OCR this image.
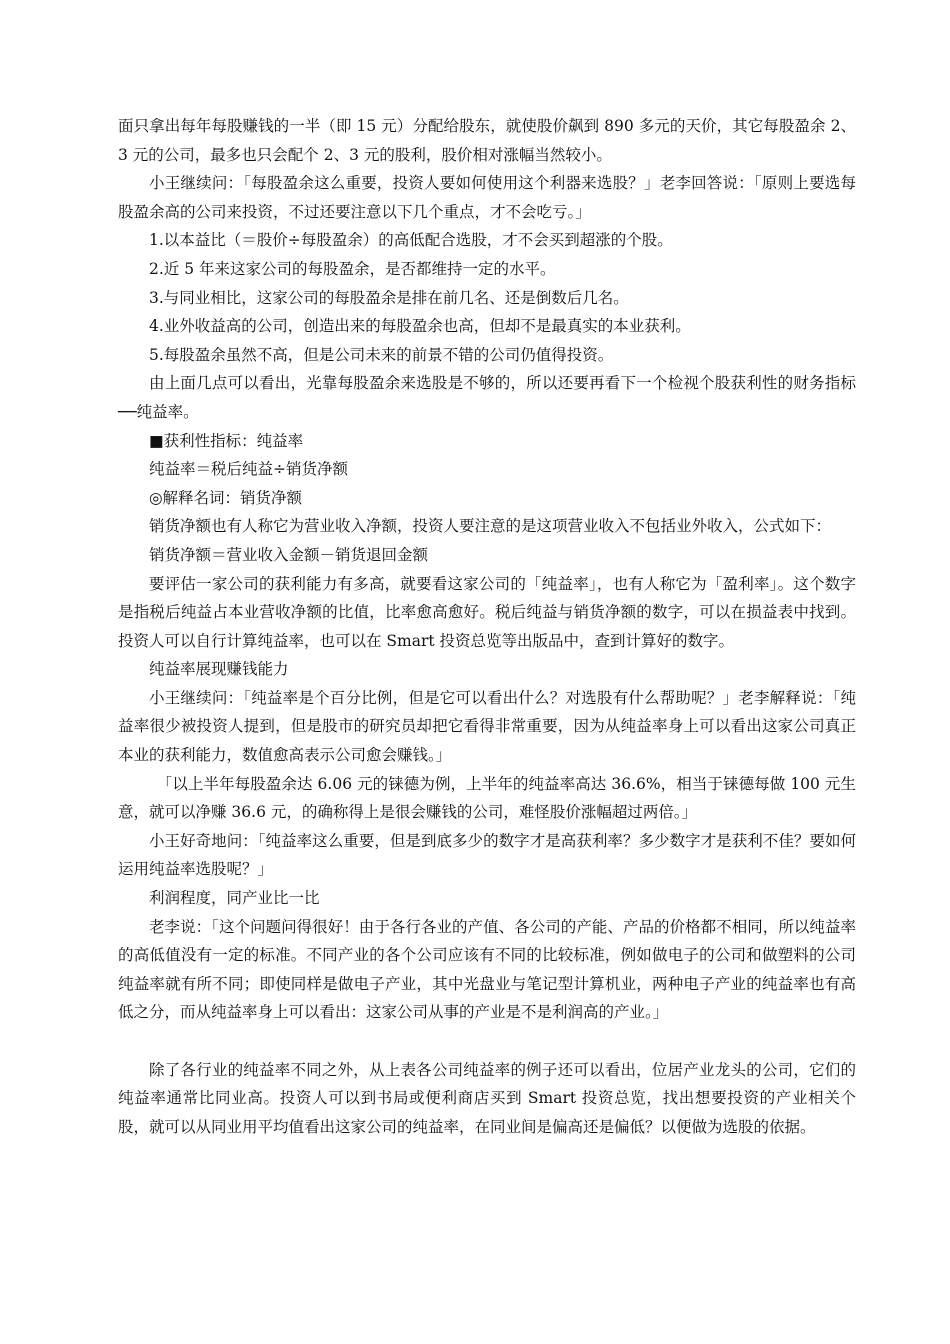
面只拿出每年每股赚钱的一半（即 15 元）分配给股东，就使股价飙到 890 多元的天价，其它每股盈余 2、3 元的公司，最多也只会配个 2、3 元的股利，股价相对涨幅当然较小。

小王继续问：「每股盈余这么重要，投资人要如何使用这个利器来选股？」老李回答说：「原则上要选每股盈余高的公司来投资，不过还要注意以下几个重点，才不会吃亏。」

1.以本益比（＝股价÷每股盈余）的高低配合选股，才不会买到超涨的个股。

2.近 5 年来这家公司的每股盈余，是否都维持一定的水平。

3.与同业相比，这家公司的每股盈余是排在前几名、还是倒数后几名。

4.业外收益高的公司，创造出来的每股盈余也高，但却不是最真实的本业获利。

5.每股盈余虽然不高，但是公司未来的前景不错的公司仍值得投资。

由上面几点可以看出，光靠每股盈余来选股是不够的，所以还要再看下一个检视个股获利性的财务指标──纯益率。

■获利性指标：纯益率

纯益率＝税后纯益÷销货净额

◎解释名词：销货净额

销货净额也有人称它为营业收入净额，投资人要注意的是这项营业收入不包括业外收入，公式如下：

销货净额＝营业收入金额－销货退回金额

要评估一家公司的获利能力有多高，就要看这家公司的「纯益率」，也有人称它为「盈利率」。这个数字是指税后纯益占本业营收净额的比值，比率愈高愈好。税后纯益与销货净额的数字，可以在损益表中找到。投资人可以自行计算纯益率，也可以在 Smart 投资总览等出版品中，查到计算好的数字。

纯益率展现赚钱能力

小王继续问：「纯益率是个百分比例，但是它可以看出什么？对选股有什么帮助呢？」老李解释说：「纯益率很少被投资人提到，但是股市的研究员却把它看得非常重要，因为从纯益率身上可以看出这家公司真正本业的获利能力，数值愈高表示公司愈会赚钱。」

「以上半年每股盈余达 6.06 元的铼德为例，上半年的纯益率高达 36.6%，相当于铼德每做 100 元生意，就可以净赚 36.6 元，的确称得上是很会赚钱的公司，难怪股价涨幅超过两倍。」

小王好奇地问：「纯益率这么重要，但是到底多少的数字才是高获利率？多少数字才是获利不佳？要如何运用纯益率选股呢？」

利润程度，同产业比一比

老李说：「这个问题问得很好！由于各行各业的产值、各公司的产能、产品的价格都不相同，所以纯益率的高低值没有一定的标准。不同产业的各个公司应该有不同的比较标准，例如做电子的公司和做塑料的公司纯益率就有所不同；即使同样是做电子产业，其中光盘业与笔记型计算机业，两种电子产业的纯益率也有高低之分，而从纯益率身上可以看出：这家公司从事的产业是不是利润高的产业。」

除了各行业的纯益率不同之外，从上表各公司纯益率的例子还可以看出，位居产业龙头的公司，它们的纯益率通常比同业高。投资人可以到书局或便利商店买到 Smart 投资总览，找出想要投资的产业相关个股，就可以从同业用平均值看出这家公司的纯益率，在同业间是偏高还是偏低？以便做为选股的依据。
